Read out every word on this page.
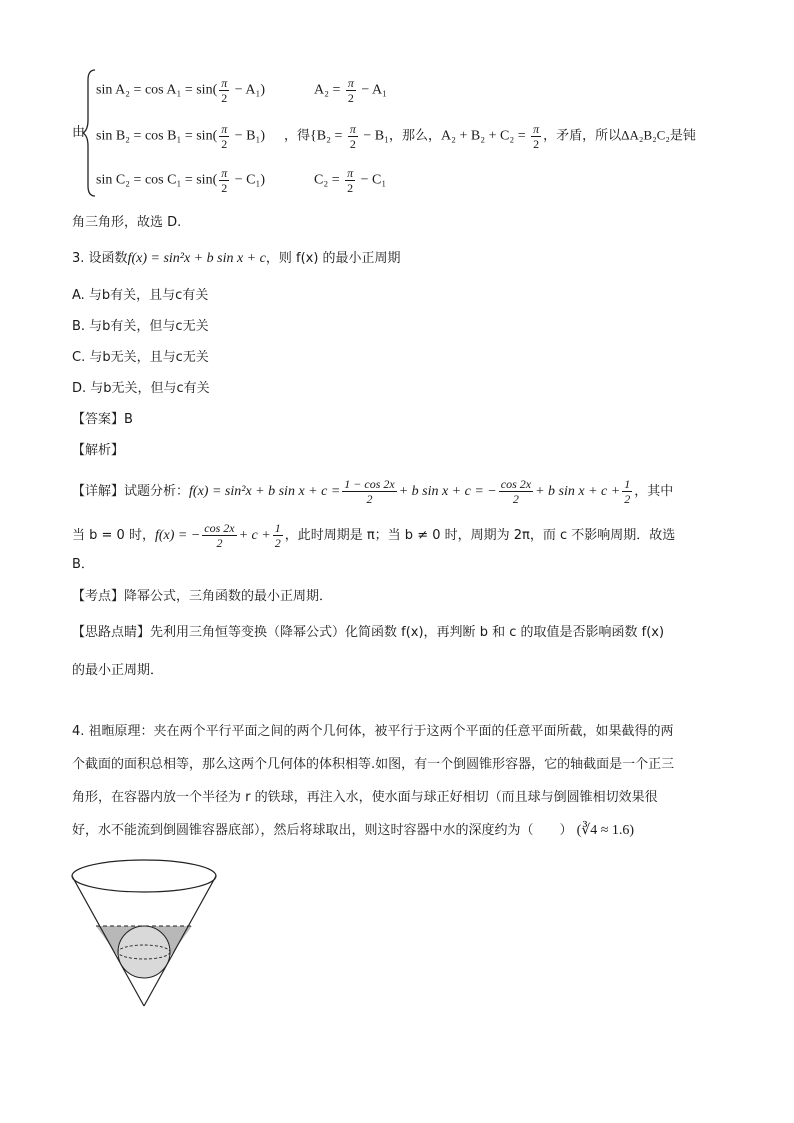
由
$\sin A_2 = \cos A_1 = \sin( \frac{\pi}{2} - A_1)$	$A_2 = \frac{\pi}{2} - A_1$
$\sin B_2 = \cos B_1 = \sin( \frac{\pi}{2} - B_1)$ ，得{$B_2 = \frac{\pi}{2} - B_1$，那么，$A_2 + B_2 + C_2 = \frac{\pi}{2}$ ，矛盾，所以ΔA₂B₂C₂是钝
$\sin C_2 = \cos C_1 = \sin( \frac{\pi}{2} - C_1)$	$C_2 = \frac{\pi}{2} - C_1$
角三角形，故选 D.
3. 设函数f(x) = sin²x + b sin x + c，则 f(x) 的最小正周期
A. 与b有关，且与c有关
B. 与b有关，但与c无关
C. 与b无关，且与c无关
D. 与b无关，但与c有关
【答案】B
【解析】
【详解】试题分析：f(x) = sin²x + b $\sin x + c = \frac{1 - \cos 2x}{2} + b$ sin x + c = − $\frac{\cos 2x}{2} + b$ $\sin x + c + \frac{1}{2}$ ，其中
当 b = 0 时，f(x) = − $\frac{\cos 2x}{2} + c + \frac{1}{2}$ ，此时周期是 π；当 b ≠ 0 时，周期为 2π，而 c 不影响周期．故选
B．
【考点】降幂公式，三角函数的最小正周期．
【思路点睛】先利用三角恒等变换（降幂公式）化简函数 f(x)，再判断 b 和 c 的取值是否影响函数 f(x)
的最小正周期．
4. 祖暅原理：夹在两个平行平面之间的两个几何体，被平行于这两个平面的任意平面所截，如果截得的两
个截面的面积总相等，那么这两个几何体的体积相等.如图，有一个倒圆锥形容器，它的轴截面是一个正三
角形，在容器内放一个半径为 r 的铁球，再注入水，使水面与球正好相切（而且球与倒圆锥相切效果很
好，水不能流到倒圆锥容器底部），然后将球取出，则这时容器中水的深度约为（　　） (∛4 ≈ 1.6)
